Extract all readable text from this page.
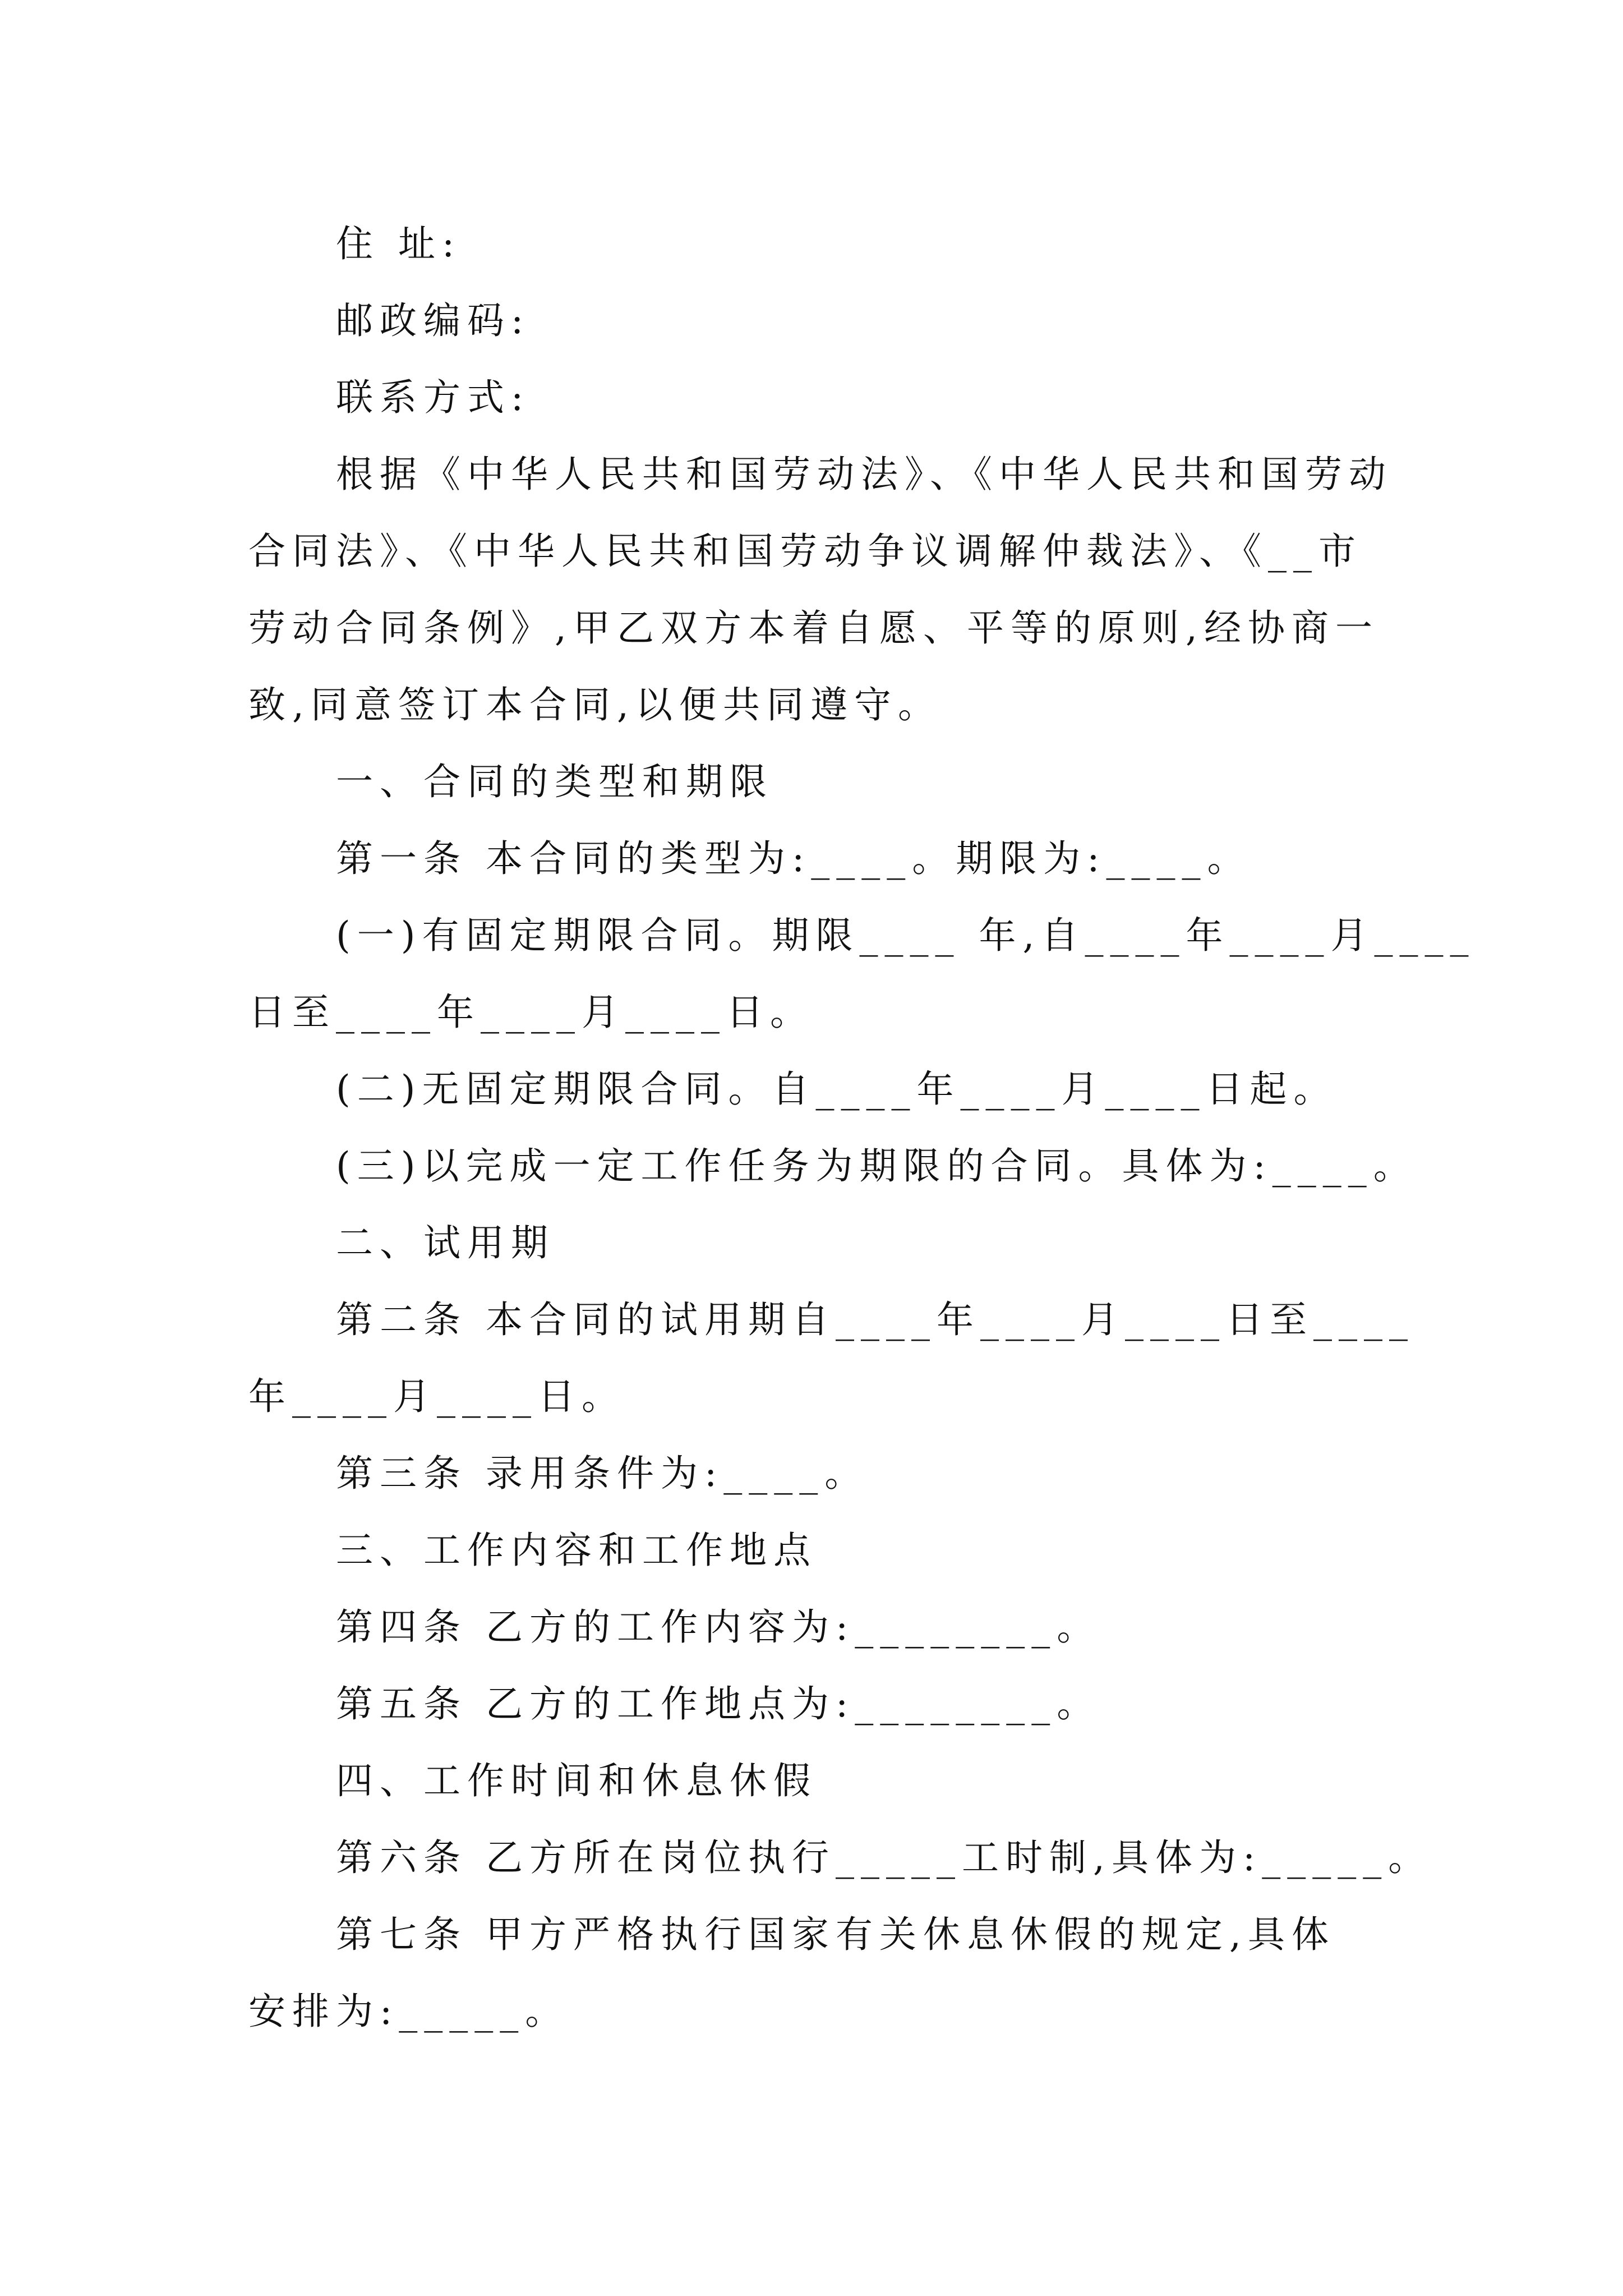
住 址:

邮政编码:

联系方式:

根据《中华人民共和国劳动法》、《中华人民共和国劳动

合同法》、《中华人民共和国劳动争议调解仲裁法》、《__市

劳动合同条例》,甲乙双方本着自愿、平等的原则,经协商一

致,同意签订本合同,以便共同遵守。

一、合同的类型和期限

第一条 本合同的类型为:____。期限为:____。

(一)有固定期限合同。期限____ 年,自____年____月____

日至____年____月____日。

(二)无固定期限合同。自____年____月____日起。

(三)以完成一定工作任务为期限的合同。具体为:____。

二、试用期

第二条 本合同的试用期自____年____月____日至____

年____月____日。

第三条 录用条件为:____。

三、工作内容和工作地点

第四条 乙方的工作内容为:________。

第五条 乙方的工作地点为:________。

四、工作时间和休息休假

第六条 乙方所在岗位执行_____工时制,具体为:_____。

第七条 甲方严格执行国家有关休息休假的规定,具体

安排为:_____。
